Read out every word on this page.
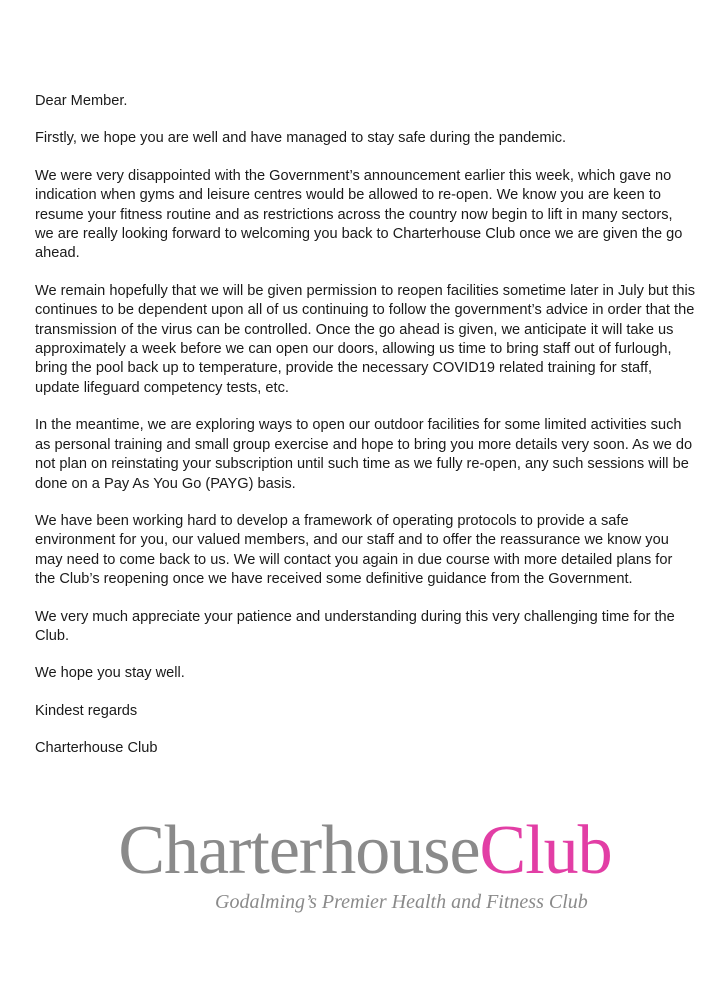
Dear Member.

Firstly, we hope you are well and have managed to stay safe during the pandemic.

We were very disappointed with the Government’s announcement earlier this week, which gave no indication when gyms and leisure centres would be allowed to re-open. We know you are keen to resume your fitness routine and as restrictions across the country now begin to lift in many sectors, we are really looking forward to welcoming you back to Charterhouse Club once we are given the go ahead.

We remain hopefully that we will be given permission to reopen facilities sometime later in July but this continues to be dependent upon all of us continuing to follow the government’s advice in order that the transmission of the virus can be controlled. Once the go ahead is given, we anticipate it will take us approximately a week before we can open our doors, allowing us time to bring staff out of furlough, bring the pool back up to temperature, provide the necessary COVID19 related training for staff, update lifeguard competency tests, etc.

In the meantime, we are exploring ways to open our outdoor facilities for some limited activities such as personal training and small group exercise and hope to bring you more details very soon. As we do not plan on reinstating your subscription until such time as we fully re-open, any such sessions will be done on a Pay As You Go (PAYG) basis.

We have been working hard to develop a framework of operating protocols to provide a safe environment for you, our valued members, and our staff and to offer the reassurance we know you may need to come back to us. We will contact you again in due course with more detailed plans for the Club’s reopening once we have received some definitive guidance from the Government.

We very much appreciate your patience and understanding during this very challenging time for the Club.

We hope you stay well.

Kindest regards

Charterhouse Club

CharterhouseClub
Godalming’s Premier Health and Fitness Club
